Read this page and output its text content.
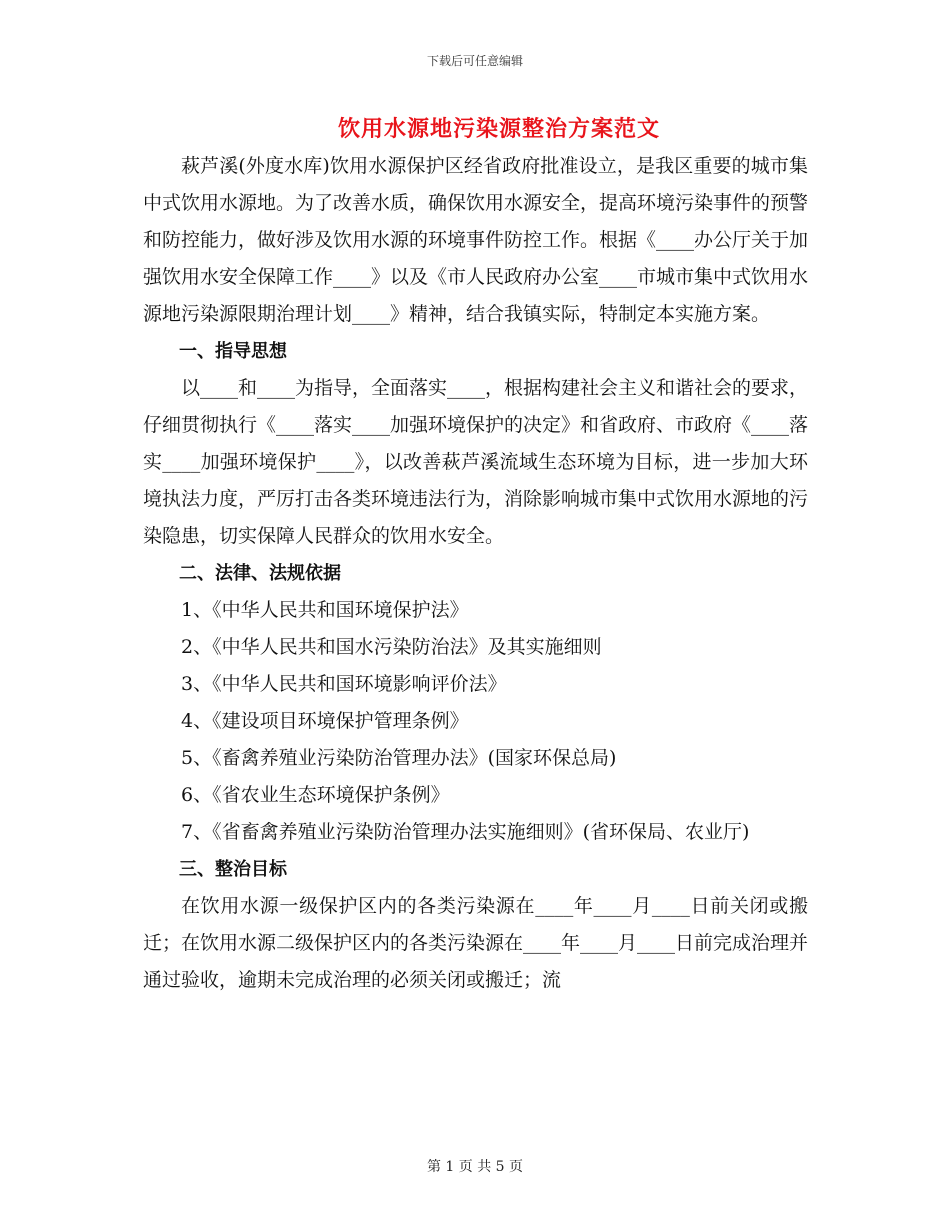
下载后可任意编辑
饮用水源地污染源整治方案范文

萩芦溪(外度水库)饮用水源保护区经省政府批准设立，是我区重要的城市集中式饮用水源地。为了改善水质，确保饮用水源安全，提高环境污染事件的预警和防控能力，做好涉及饮用水源的环境事件防控工作。根据《____办公厅关于加强饮用水安全保障工作____》以及《市人民政府办公室____市城市集中式饮用水源地污染源限期治理计划____》精神，结合我镇实际，特制定本实施方案。

一、指导思想

以____和____为指导，全面落实____，根据构建社会主义和谐社会的要求，仔细贯彻执行《____落实____加强环境保护的决定》和省政府、市政府《____落实____加强环境保护____》，以改善萩芦溪流域生态环境为目标，进一步加大环境执法力度，严厉打击各类环境违法行为，消除影响城市集中式饮用水源地的污染隐患，切实保障人民群众的饮用水安全。

二、法律、法规依据

1、《中华人民共和国环境保护法》

2、《中华人民共和国水污染防治法》及其实施细则

3、《中华人民共和国环境影响评价法》

4、《建设项目环境保护管理条例》

5、《畜禽养殖业污染防治管理办法》(国家环保总局)

6、《省农业生态环境保护条例》

7、《省畜禽养殖业污染防治管理办法实施细则》(省环保局、农业厅)

三、整治目标

在饮用水源一级保护区内的各类污染源在____年____月____日前关闭或搬迁；在饮用水源二级保护区内的各类污染源在____年____月____日前完成治理并通过验收，逾期未完成治理的必须关闭或搬迁；流

第 1 页 共 5 页
